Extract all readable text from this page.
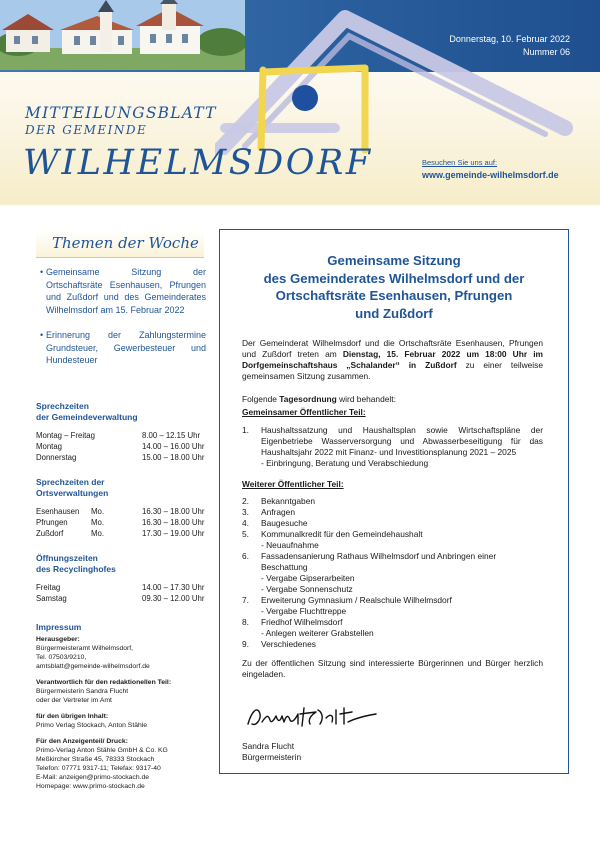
Donnerstag, 10. Februar 2022
Nummer 06
MITTEILUNGSBLATT
DER GEMEINDE
WILHELMSDORF	Besuchen Sie uns auf:
www.gemeinde-wilhelmsdorf.de
Themen der Woche
• Gemeinsame Sitzung der Ortschaftsräte Esenhausen, Pfrungen und Zußdorf und des Gemeinderates Wilhelmsdorf am 15. Februar 2022
• Erinnerung der Zahlungstermine Grundsteuer, Gewerbesteuer und Hundesteuer
Sprechzeiten
der Gemeindeverwaltung
Montag – Freitag	8.00 – 12.15 Uhr
Montag	14.00 – 16.00 Uhr
Donnerstag	15.00 – 18.00 Uhr
Sprechzeiten der
Ortsverwaltungen
Esenhausen	Mo.	16.30 – 18.00 Uhr
Pfrungen	Mo.	16.30 – 18.00 Uhr
Zußdorf	Mo.	17.30 – 19.00 Uhr
Öffnungszeiten
des Recyclinghofes
Freitag	14.00 – 17.30 Uhr
Samstag	09.30 – 12.00 Uhr
Impressum
Herausgeber:
Bürgermeisteramt Wilhelmsdorf,
Tel. 07503/9210,
amtsblatt@gemeinde-wilhelmsdorf.de
Verantwortlich für den redaktionellen Teil:
Bürgermeisterin Sandra Flucht
oder der Vertreter im Amt
für den übrigen Inhalt:
Primo Verlag Stockach, Anton Stähle
Für den Anzeigenteil/ Druck:
Primo-Verlag Anton Stähle GmbH & Co. KG
Meßkircher Straße 45, 78333 Stockach
Telefon: 07771 9317-11; Telefax: 9317-40
E-Mail: anzeigen@primo-stockach.de
Homepage: www.primo-stockach.de
Gemeinsame Sitzung
des Gemeinderates Wilhelmsdorf und der
Ortschaftsräte Esenhausen, Pfrungen
und Zußdorf

Der Gemeinderat Wilhelmsdorf und die Ortschaftsräte Esenhausen, Pfrungen und Zußdorf treten am Dienstag, 15. Februar 2022 um 18:00 Uhr im Dorfgemeinschaftshaus „Schalander“ in Zußdorf zu einer teilweise gemeinsamen Sitzung zusammen.

Folgende Tagesordnung wird behandelt:

Gemeinsamer Öffentlicher Teil:
1.	Haushaltssatzung und Haushaltsplan sowie Wirtschaftspläne der Eigenbetriebe Wasserversorgung und Abwasserbeseitigung für das Haushaltsjahr 2022 mit Finanz- und Investitionsplanung 2021 – 2025
- Einbringung, Beratung und Verabschiedung
Weiterer Öffentlicher Teil:
2.	Bekanntgaben
3.	Anfragen
4.	Baugesuche
5.	Kommunalkredit für den Gemeindehaushalt
- Neuaufnahme
6.	Fassadensanierung Rathaus Wilhelmsdorf und Anbringen einer Beschattung
- Vergabe Gipserarbeiten
- Vergabe Sonnenschutz
7.	Erweiterung Gymnasium / Realschule Wilhelmsdorf
- Vergabe Fluchttreppe
8.	Friedhof Wilhelmsdorf
- Anlegen weiterer Grabstellen
9.	Verschiedenes

Zu der öffentlichen Sitzung sind interessierte Bürgerinnen und Bürger herzlich eingeladen.

Sandra Flucht
Bürgermeisterin
